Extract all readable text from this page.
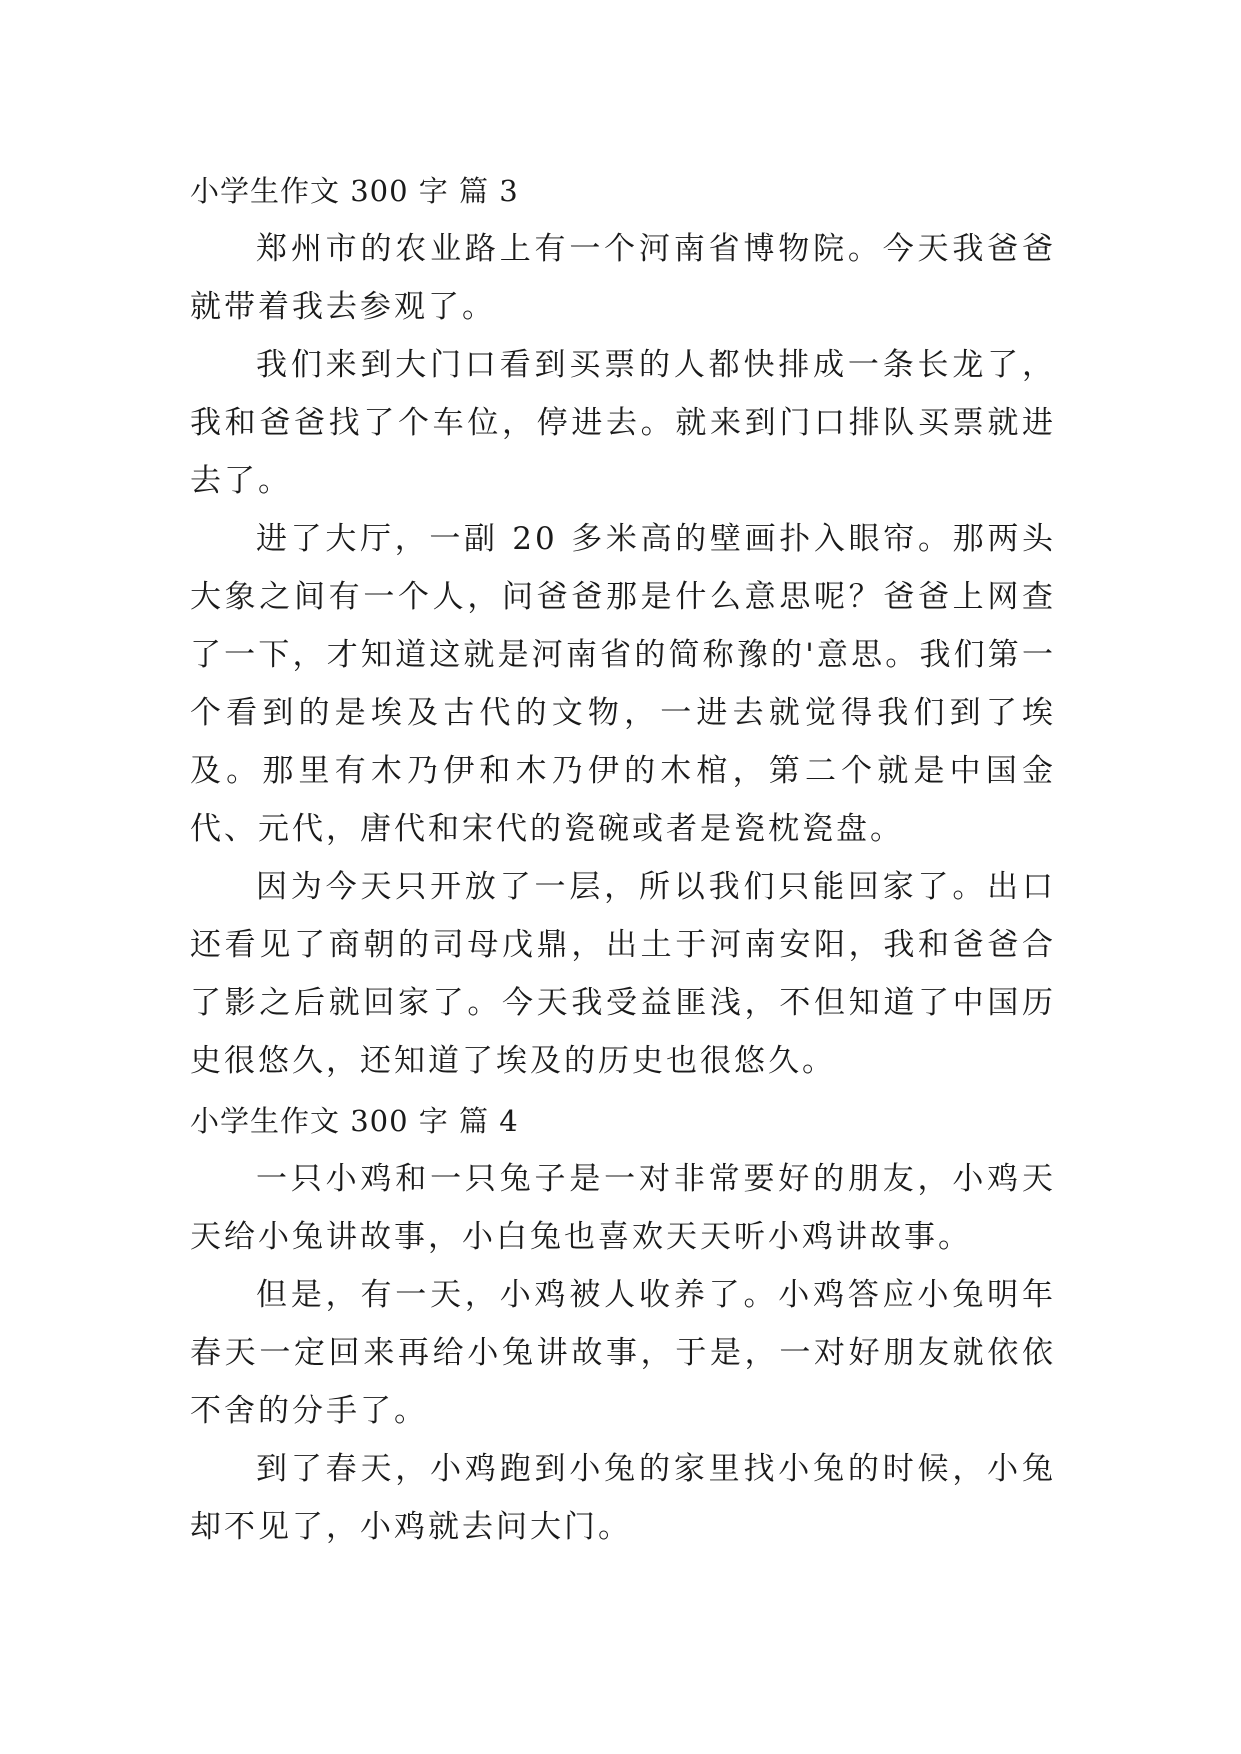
小学生作文 300 字 篇 3

郑州市的农业路上有一个河南省博物院。今天我爸爸就带着我去参观了。

我们来到大门口看到买票的人都快排成一条长龙了，我和爸爸找了个车位，停进去。就来到门口排队买票就进去了。

进了大厅，一副 20 多米高的壁画扑入眼帘。那两头大象之间有一个人，问爸爸那是什么意思呢？爸爸上网查了一下，才知道这就是河南省的简称豫的'意思。我们第一个看到的是埃及古代的文物，一进去就觉得我们到了埃及。那里有木乃伊和木乃伊的木棺，第二个就是中国金代、元代，唐代和宋代的瓷碗或者是瓷枕瓷盘。

因为今天只开放了一层，所以我们只能回家了。出口还看见了商朝的司母戊鼎，出土于河南安阳，我和爸爸合了影之后就回家了。今天我受益匪浅，不但知道了中国历史很悠久，还知道了埃及的历史也很悠久。

小学生作文 300 字 篇 4

一只小鸡和一只兔子是一对非常要好的朋友，小鸡天天给小兔讲故事，小白兔也喜欢天天听小鸡讲故事。

但是，有一天，小鸡被人收养了。小鸡答应小兔明年春天一定回来再给小兔讲故事，于是，一对好朋友就依依不舍的分手了。

到了春天，小鸡跑到小兔的家里找小兔的时候，小兔却不见了，小鸡就去问大门。
